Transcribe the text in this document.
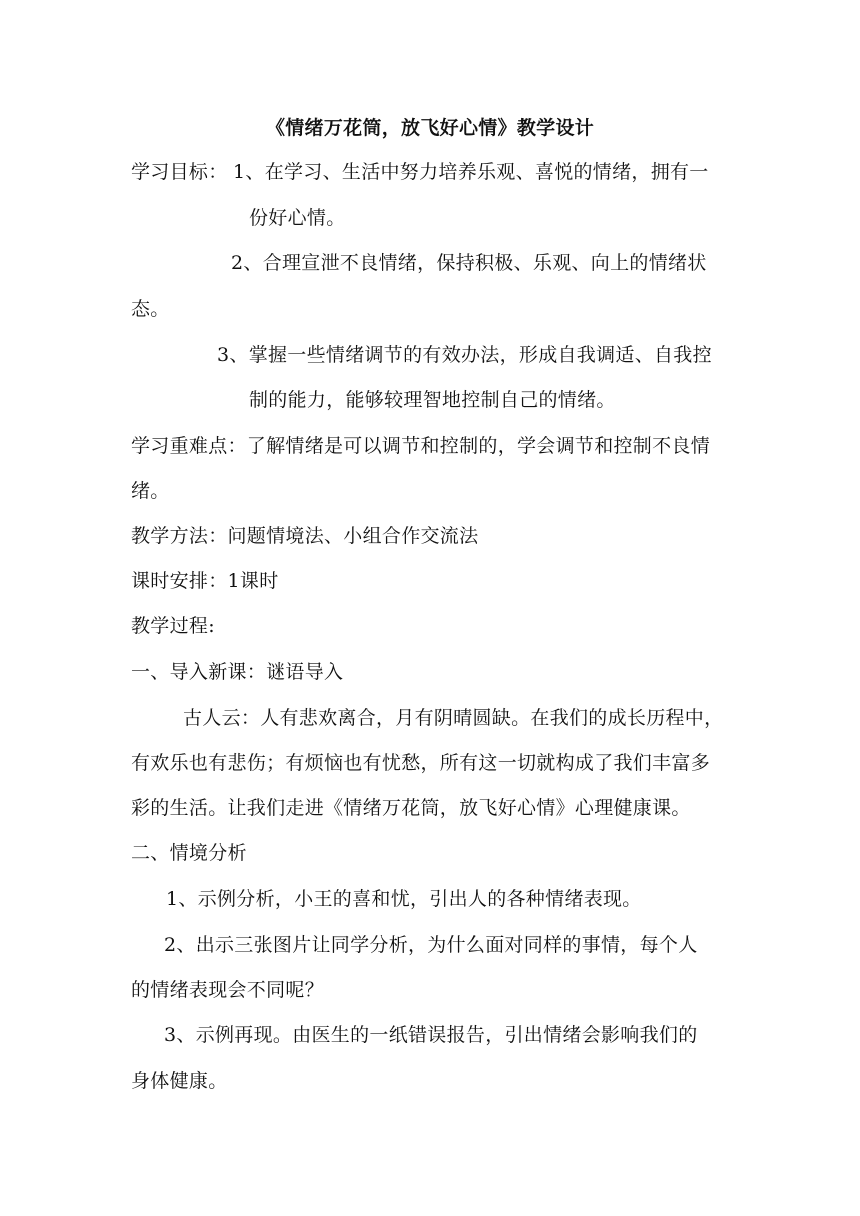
《情绪万花筒，放飞好心情》教学设计
学习目标： 1、在学习、生活中努力培养乐观、喜悦的情绪，拥有一
份好心情。
2、合理宣泄不良情绪，保持积极、乐观、向上的情绪状
态。
3、掌握一些情绪调节的有效办法，形成自我调适、自我控
制的能力，能够较理智地控制自己的情绪。
学习重难点：了解情绪是可以调节和控制的，学会调节和控制不良情
绪。
教学方法：问题情境法、小组合作交流法
课时安排：1课时
教学过程:
一、导入新课：谜语导入
古人云：人有悲欢离合，月有阴晴圆缺。在我们的成长历程中，
有欢乐也有悲伤；有烦恼也有忧愁，所有这一切就构成了我们丰富多
彩的生活。让我们走进《情绪万花筒，放飞好心情》心理健康课。
二、情境分析
1、示例分析，小王的喜和忧，引出人的各种情绪表现。
2、出示三张图片让同学分析，为什么面对同样的事情，每个人
的情绪表现会不同呢？
3、示例再现。由医生的一纸错误报告，引出情绪会影响我们的
身体健康。
